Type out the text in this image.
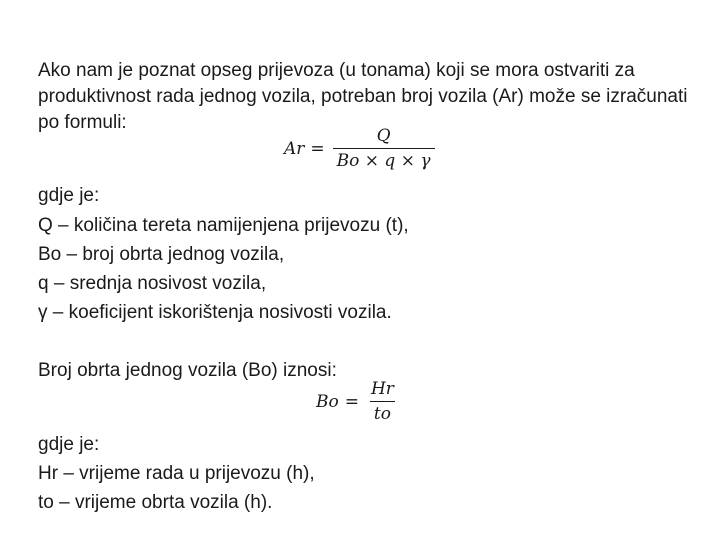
Ako nam je poznat opseg prijevoza (u tonama) koji se mora ostvariti za
produktivnost rada jednog vozila, potreban broj vozila (Ar) može se izračunati
po formuli:
$Ar = \frac{Q}{Bo \times q \times \gamma}$
gdje je:
Q – količina tereta namijenjena prijevozu (t),
Bo – broj obrta jednog vozila,
q – srednja nosivost vozila,
γ – koeficijent iskorištenja nosivosti vozila.
Broj obrta jednog vozila (Bo) iznosi:
$Bo = \frac{Hr}{to}$
gdje je:
Hr – vrijeme rada u prijevozu (h),
to – vrijeme obrta vozila (h).
